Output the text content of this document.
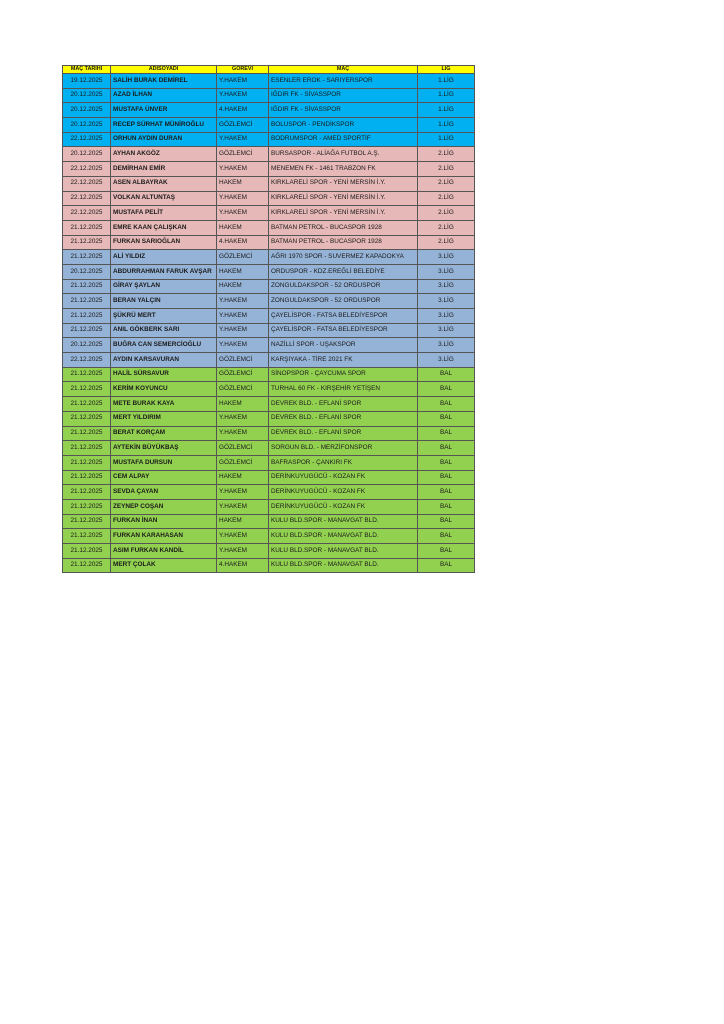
MAÇ TARİHİ	ADISOYADI	GÖREVİ	MAÇ	LİG
19.12.2025	SALİH BURAK DEMİREL	Y.HAKEM	ESENLER EROK - SARIYERSPOR	1.LİG
20.12.2025	AZAD İLHAN	Y.HAKEM	IĞDIR FK - SİVASSPOR	1.LİG
20.12.2025	MUSTAFA ÜNVER	4.HAKEM	IĞDIR FK - SİVASSPOR	1.LİG
20.12.2025	RECEP SÜRHAT MÜNİROĞLU	GÖZLEMCİ	BOLUSPOR - PENDİKSPOR	1.LİG
22.12.2025	ORHUN AYDIN DURAN	Y.HAKEM	BODRUMSPOR - AMED SPORTİF	1.LİG
20.12.2025	AYHAN AKGÖZ	GÖZLEMCİ	BURSASPOR - ALİAĞA FUTBOL A.Ş.	2.LİG
22.12.2025	DEMİRHAN EMİR	Y.HAKEM	MENEMEN FK - 1461 TRABZON FK	2.LİG
22.12.2025	ASEN ALBAYRAK	HAKEM	KIRKLARELİ SPOR - YENİ MERSİN İ.Y.	2.LİG
22.12.2025	VOLKAN ALTUNTAŞ	Y.HAKEM	KIRKLARELİ SPOR - YENİ MERSİN İ.Y.	2.LİG
22.12.2025	MUSTAFA PELİT	Y.HAKEM	KIRKLARELİ SPOR - YENİ MERSİN İ.Y.	2.LİG
21.12.2025	EMRE KAAN ÇALIŞKAN	HAKEM	BATMAN PETROL - BUCASPOR 1928	2.LİG
21.12.2025	FURKAN SARIOĞLAN	4.HAKEM	BATMAN PETROL - BUCASPOR 1928	2.LİG
21.12.2025	ALİ YILDIZ	GÖZLEMCİ	AĞRI 1970 SPOR - SUVERMEZ KAPADOKYA	3.LİG
20.12.2025	ABDURRAHMAN FARUK AVŞAR	HAKEM	ORDUSPOR - KDZ.EREĞLİ BELEDİYE	3.LİG
21.12.2025	GİRAY ŞAYLAN	HAKEM	ZONGULDAKSPOR - 52 ORDUSPOR	3.LİG
21.12.2025	BERAN YALÇIN	Y.HAKEM	ZONGULDAKSPOR - 52 ORDUSPOR	3.LİG
21.12.2025	ŞÜKRÜ MERT	Y.HAKEM	ÇAYELİSPOR - FATSA BELEDİYESPOR	3.LİG
21.12.2025	ANIL GÖKBERK SARI	Y.HAKEM	ÇAYELİSPOR - FATSA BELEDİYESPOR	3.LİG
20.12.2025	BUĞRA CAN SEMERCİOĞLU	Y.HAKEM	NAZİLLİ SPOR - UŞAKSPOR	3.LİG
22.12.2025	AYDIN KARSAVURAN	GÖZLEMCİ	KARŞIYAKA - TİRE 2021 FK	3.LİG
21.12.2025	HALİL SÜRSAVUR	GÖZLEMCİ	SİNOPSPOR - ÇAYCUMA SPOR	BAL
21.12.2025	KERİM KOYUNCU	GÖZLEMCİ	TURHAL 60 FK - KIRŞEHİR YETİŞEN	BAL
21.12.2025	METE BURAK KAYA	HAKEM	DEVREK BLD. - EFLANİ SPOR	BAL
21.12.2025	MERT YILDIRIM	Y.HAKEM	DEVREK BLD. - EFLANİ SPOR	BAL
21.12.2025	BERAT KORÇAM	Y.HAKEM	DEVREK BLD. - EFLANİ SPOR	BAL
21.12.2025	AYTEKİN BÜYÜKBAŞ	GÖZLEMCİ	SORGUN BLD. - MERZİFONSPOR	BAL
21.12.2025	MUSTAFA DURSUN	GÖZLEMCİ	BAFRASPOR - ÇANKIRI FK	BAL
21.12.2025	CEM ALPAY	HAKEM	DERİNKUYUGÜCÜ - KOZAN FK	BAL
21.12.2025	SEVDA ÇAYAN	Y.HAKEM	DERİNKUYUGÜCÜ - KOZAN FK	BAL
21.12.2025	ZEYNEP COŞAN	Y.HAKEM	DERİNKUYUGÜCÜ - KOZAN FK	BAL
21.12.2025	FURKAN İNAN	HAKEM	KULU BLD.SPOR - MANAVGAT BLD.	BAL
21.12.2025	FURKAN KARAHASAN	Y.HAKEM	KULU BLD.SPOR - MANAVGAT BLD.	BAL
21.12.2025	ASIM FURKAN KANDİL	Y.HAKEM	KULU BLD.SPOR - MANAVGAT BLD.	BAL
21.12.2025	MERT ÇOLAK	4.HAKEM	KULU BLD.SPOR - MANAVGAT BLD.	BAL
